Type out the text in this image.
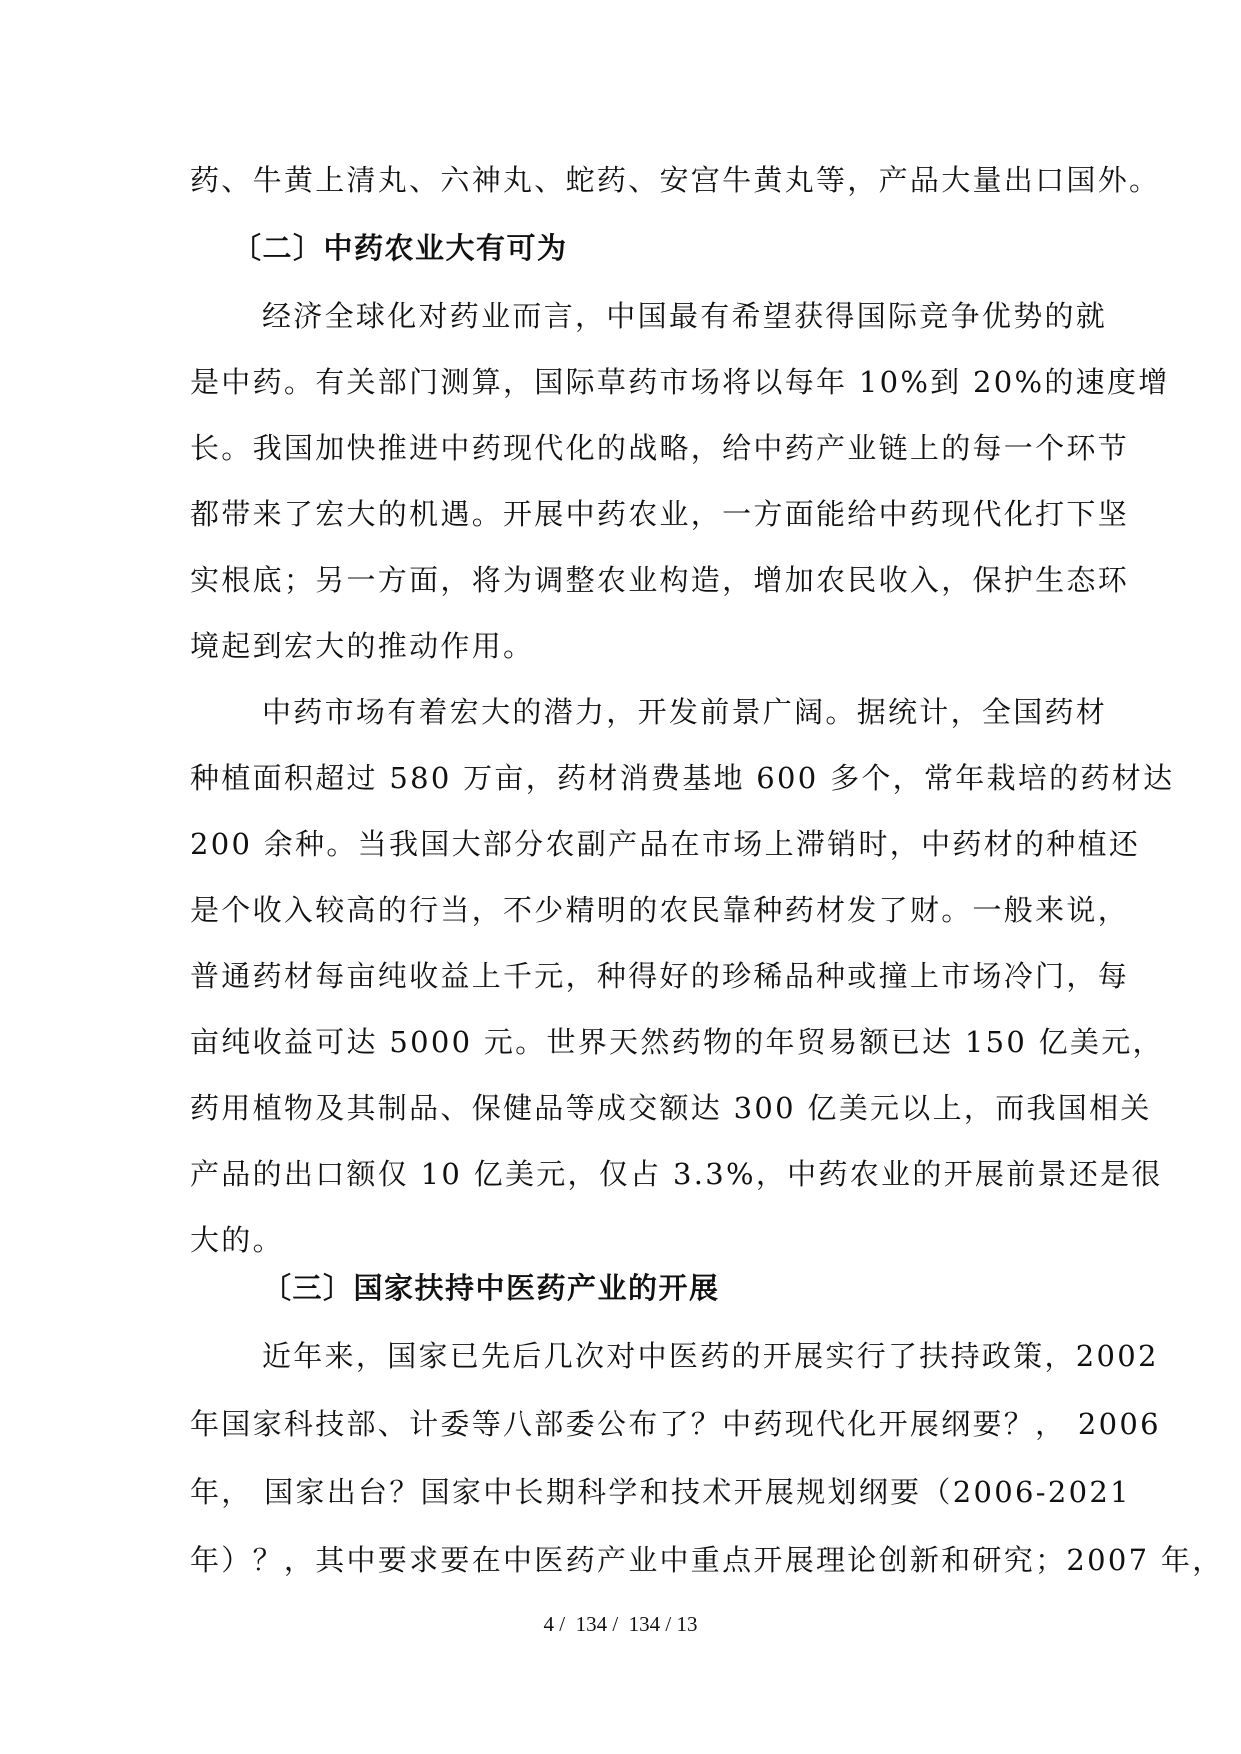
药、牛黄上清丸、六神丸、蛇药、安宫牛黄丸等，产品大量出口国外。
〔二〕中药农业大有可为
经济全球化对药业而言，中国最有希望获得国际竞争优势的就
是中药。有关部门测算，国际草药市场将以每年 10%到 20%的速度增
长。我国加快推进中药现代化的战略，给中药产业链上的每一个环节
都带来了宏大的机遇。开展中药农业，一方面能给中药现代化打下坚
实根底；另一方面，将为调整农业构造，增加农民收入，保护生态环
境起到宏大的推动作用。
中药市场有着宏大的潜力，开发前景广阔。据统计，全国药材
种植面积超过 580 万亩，药材消费基地 600 多个，常年栽培的药材达
200 余种。当我国大部分农副产品在市场上滞销时，中药材的种植还
是个收入较高的行当，不少精明的农民靠种药材发了财。一般来说，
普通药材每亩纯收益上千元，种得好的珍稀品种或撞上市场冷门，每
亩纯收益可达 5000 元。世界天然药物的年贸易额已达 150 亿美元，
药用植物及其制品、保健品等成交额达 300 亿美元以上，而我国相关
产品的出口额仅 10 亿美元，仅占 3.3%，中药农业的开展前景还是很
大的。
〔三〕国家扶持中医药产业的开展
近年来，国家已先后几次对中医药的开展实行了扶持政策，2002
年国家科技部、计委等八部委公布了？中药现代化开展纲要？， 2006
年， 国家出台？国家中长期科学和技术开展规划纲要（2006-2021
年）？，其中要求要在中医药产业中重点开展理论创新和研究；2007 年，
4 /  134 /  134 / 13
